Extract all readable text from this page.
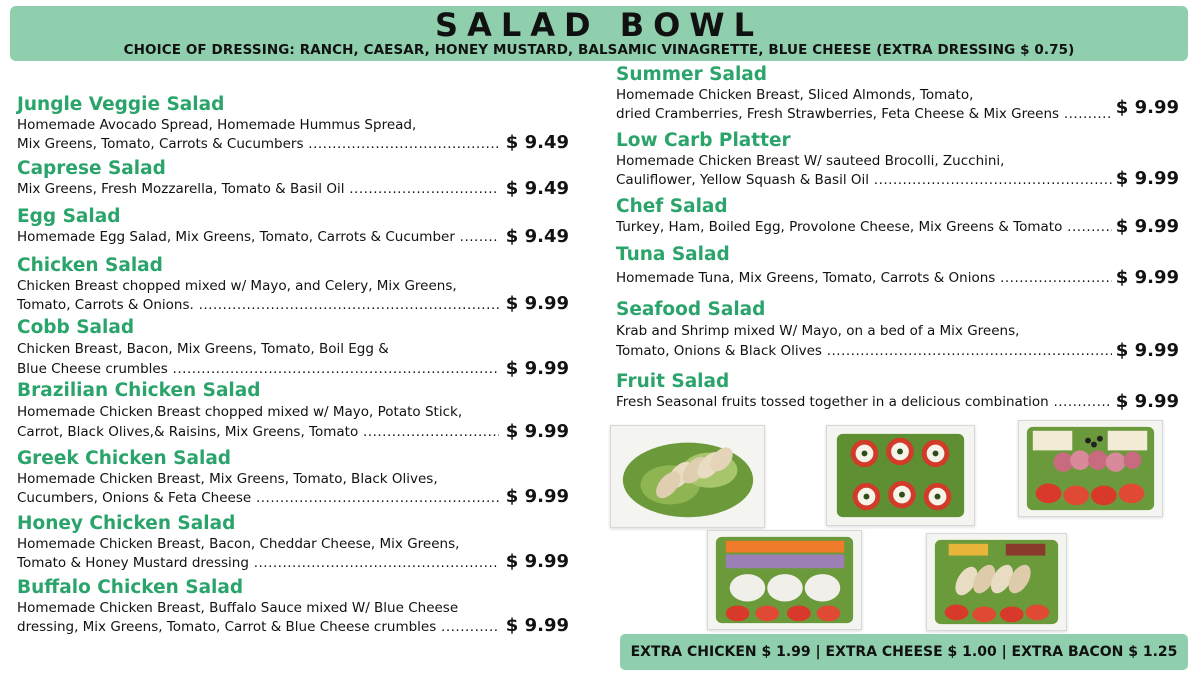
SALAD BOWL
CHOICE OF DRESSING: RANCH, CAESAR, HONEY MUSTARD, BALSAMIC VINAGRETTE, BLUE CHEESE (EXTRA DRESSING $ 0.75)
Jungle Veggie Salad
Homemade Avocado Spread, Homemade Hummus Spread,
Mix Greens, Tomato, Carrots & Cucumbers .....	$ 9.49
Caprese Salad
Mix Greens, Fresh Mozzarella, Tomato & Basil Oil .....	$ 9.49
Egg Salad
Homemade Egg Salad, Mix Greens, Tomato, Carrots & Cucumber .....	$ 9.49
Chicken Salad
Chicken Breast chopped mixed w/ Mayo, and Celery, Mix Greens,
Tomato, Carrots & Onions. .....	$ 9.99
Cobb Salad
Chicken Breast, Bacon, Mix Greens, Tomato, Boil Egg &
Blue Cheese crumbles .....	$ 9.99
Brazilian Chicken Salad
Homemade Chicken Breast chopped mixed w/ Mayo, Potato Stick,
Carrot, Black Olives,& Raisins, Mix Greens, Tomato .....	$ 9.99
Greek Chicken Salad
Homemade Chicken Breast, Mix Greens, Tomato, Black Olives,
Cucumbers, Onions & Feta Cheese .....	$ 9.99
Honey Chicken Salad
Homemade Chicken Breast, Bacon, Cheddar Cheese, Mix Greens,
Tomato & Honey Mustard dressing .....	$ 9.99
Buffalo Chicken Salad
Homemade Chicken Breast, Buffalo Sauce mixed W/ Blue Cheese
dressing, Mix Greens, Tomato, Carrot & Blue Cheese crumbles .....	$ 9.99
Summer Salad
Homemade Chicken Breast, Sliced Almonds, Tomato,
dried Cramberries, Fresh Strawberries, Feta Cheese & Mix Greens .....	$ 9.99
Low Carb Platter
Homemade Chicken Breast W/ sauteed Brocolli, Zucchini,
Cauliflower, Yellow Squash & Basil Oil .....	$ 9.99
Chef Salad
Turkey, Ham, Boiled Egg, Provolone Cheese, Mix Greens & Tomato .....	$ 9.99
Tuna Salad
Homemade Tuna, Mix Greens, Tomato, Carrots & Onions .....	$ 9.99
Seafood Salad
Krab and Shrimp mixed W/ Mayo, on a bed of a Mix Greens,
Tomato, Onions & Black Olives .....	$ 9.99
Fruit Salad
Fresh Seasonal fruits tossed together in a delicious combination .....	$ 9.99
EXTRA CHICKEN $ 1.99 | EXTRA CHEESE $ 1.00 | EXTRA BACON $ 1.25
